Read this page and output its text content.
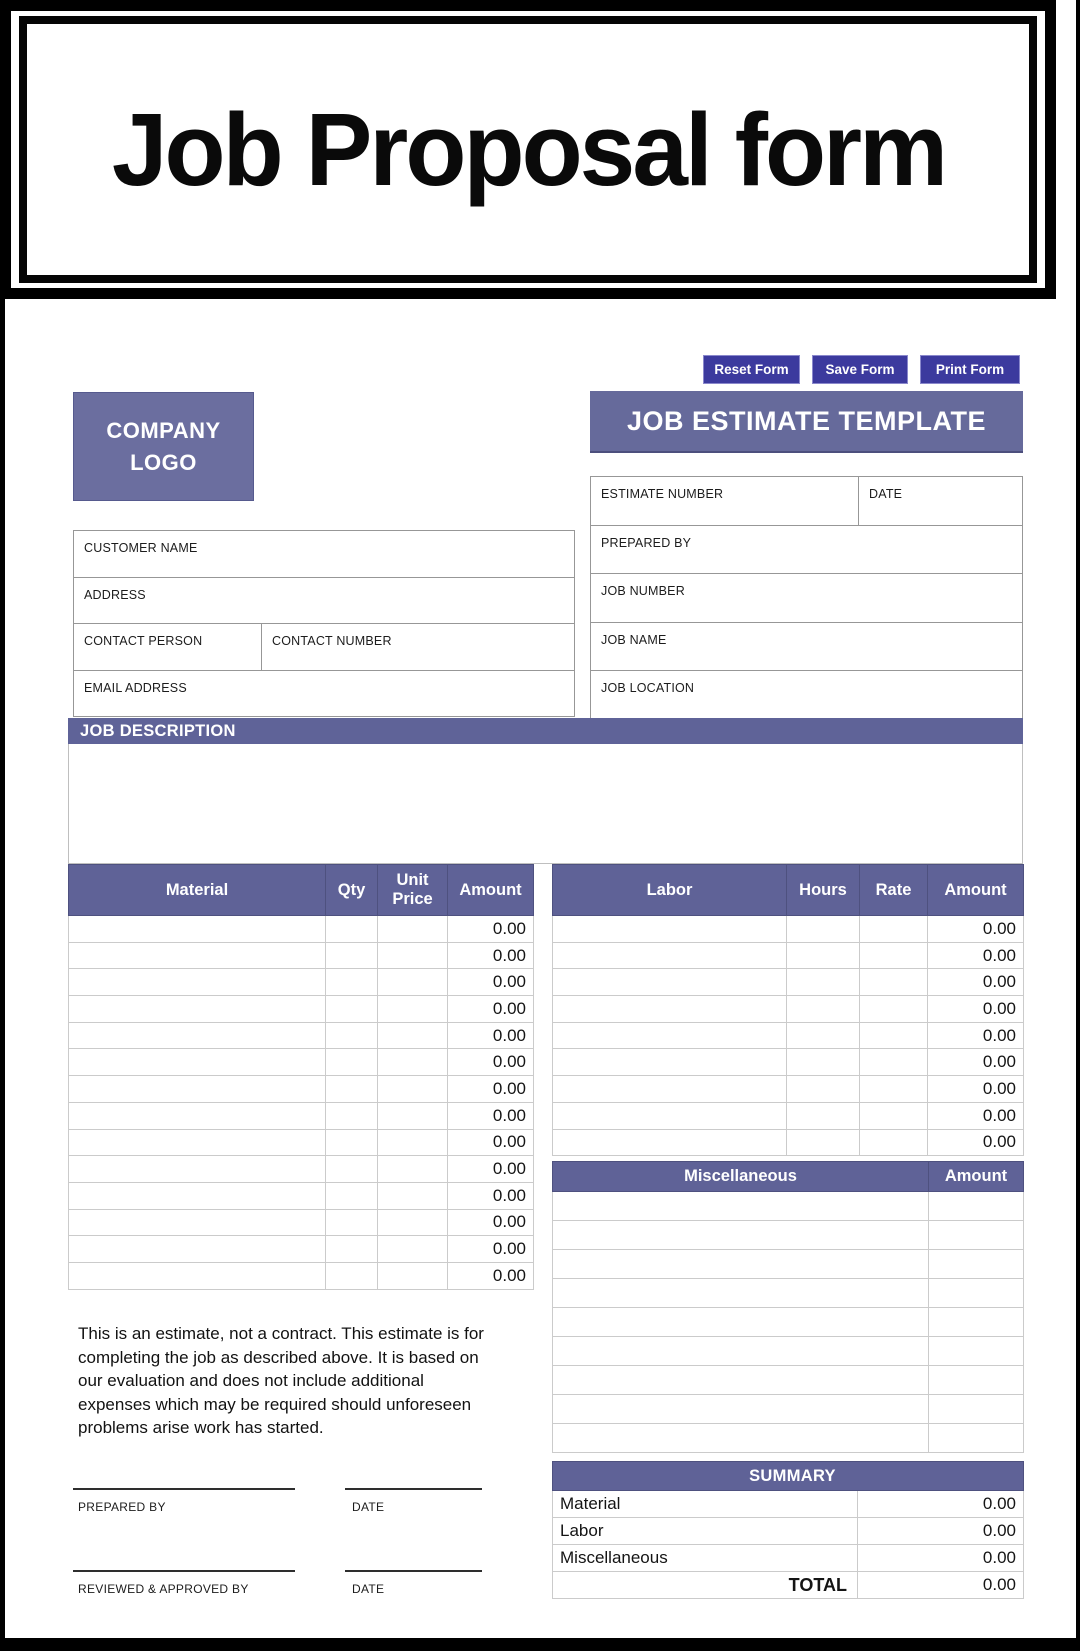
Job Proposal form
Reset Form	Save Form	Print Form
COMPANY
LOGO
JOB ESTIMATE TEMPLATE
ESTIMATE NUMBER	DATE
PREPARED BY
JOB NUMBER
JOB NAME
JOB LOCATION
CUSTOMER NAME
ADDRESS
CONTACT PERSON	CONTACT NUMBER
EMAIL ADDRESS
JOB DESCRIPTION
Material	Qty	Unit Price	Amount
			0.00
			0.00
			0.00
			0.00
			0.00
			0.00
			0.00
			0.00
			0.00
			0.00
			0.00
			0.00
			0.00
			0.00
Labor	Hours	Rate	Amount
			0.00
			0.00
			0.00
			0.00
			0.00
			0.00
			0.00
			0.00
			0.00
Miscellaneous	Amount

SUMMARY	
Material	0.00
Labor	0.00
Miscellaneous	0.00
TOTAL	0.00
This is an estimate, not a contract. This estimate is for completing the job as described above. It is based on our evaluation and does not include additional expenses which may be required should unforeseen problems arise work has started.
PREPARED BY	DATE
REVIEWED & APPROVED BY	DATE
